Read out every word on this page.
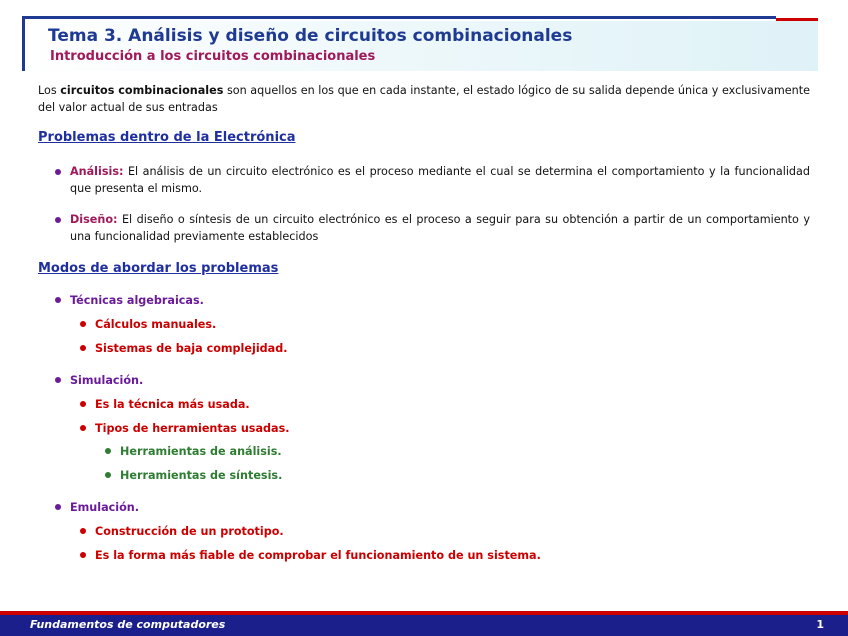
Tema 3. Análisis y diseño de circuitos combinacionales
Introducción a los circuitos combinacionales
Los circuitos combinacionales son aquellos en los que en cada instante, el estado lógico de su salida depende única y exclusivamente del valor actual de sus entradas
Problemas dentro de la Electrónica
Análisis: El análisis de un circuito electrónico es el proceso mediante el cual se determina el comportamiento y la funcionalidad que presenta el mismo.
Diseño: El diseño o síntesis de un circuito electrónico es el proceso a seguir para su obtención a partir de un comportamiento y una funcionalidad previamente establecidos
Modos de abordar los problemas
Técnicas algebraicas.
Cálculos manuales.
Sistemas de baja complejidad.
Simulación.
Es la técnica más usada.
Tipos de herramientas usadas.
Herramientas de análisis.
Herramientas de síntesis.
Emulación.
Construcción de un prototipo.
Es la forma más fiable de comprobar el funcionamiento de un sistema.
Fundamentos de computadores	1
